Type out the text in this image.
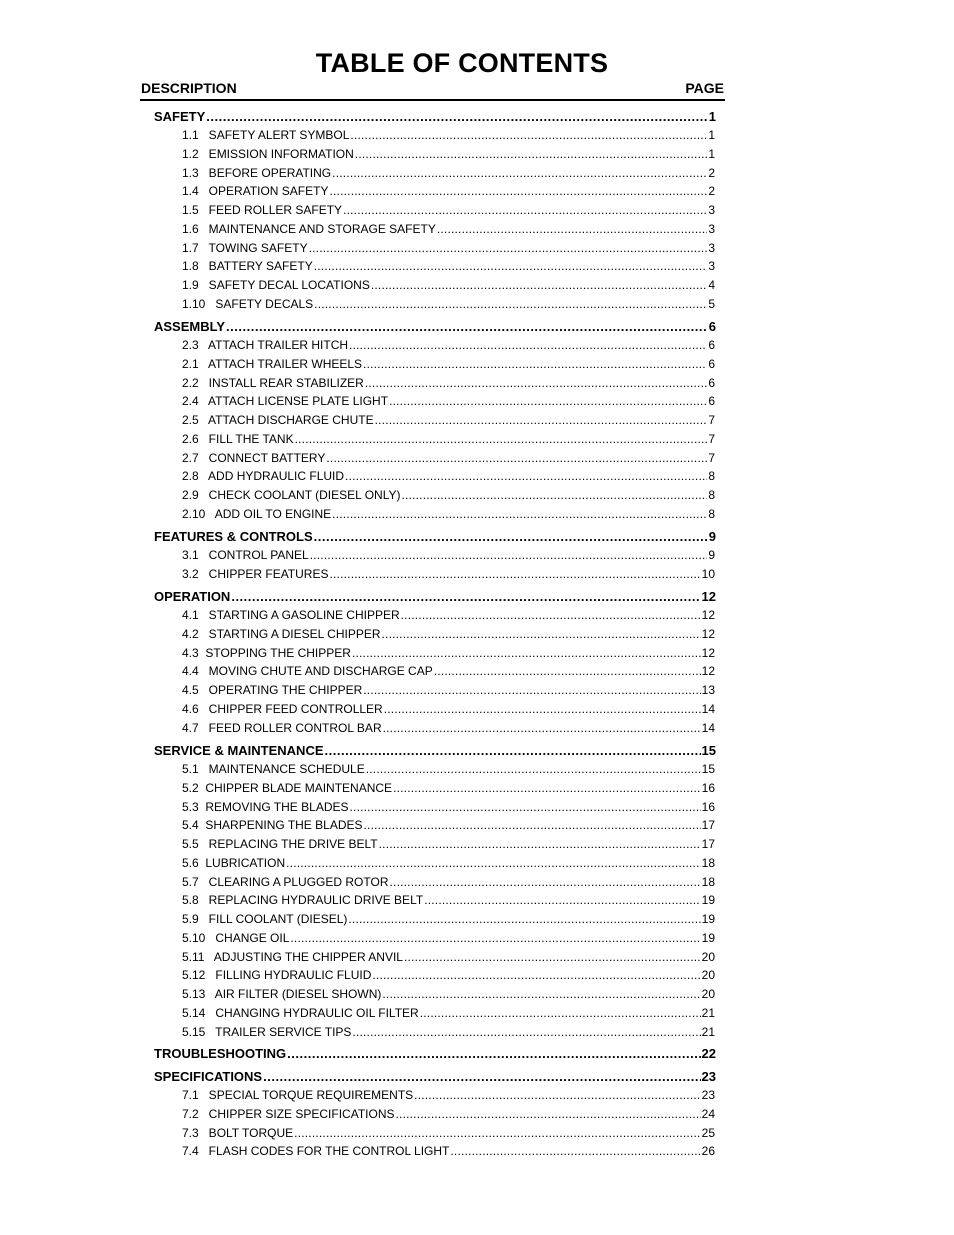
TABLE OF CONTENTS
DESCRIPTION	PAGE
SAFETY .....	1
1.1   SAFETY ALERT SYMBOL .....	1
1.2   EMISSION INFORMATION .....	1
1.3   BEFORE OPERATING .....	2
1.4   OPERATION SAFETY .....	2
1.5   FEED ROLLER SAFETY .....	3
1.6   MAINTENANCE AND STORAGE SAFETY .....	3
1.7   TOWING SAFETY .....	3
1.8   BATTERY SAFETY .....	3
1.9   SAFETY DECAL LOCATIONS .....	4
1.10   SAFETY DECALS .....	5
ASSEMBLY .....	6
2.3   ATTACH TRAILER HITCH .....	6
2.1   ATTACH TRAILER WHEELS .....	6
2.2   INSTALL REAR STABILIZER .....	6
2.4   ATTACH LICENSE PLATE LIGHT .....	6
2.5   ATTACH DISCHARGE CHUTE .....	7
2.6   FILL THE TANK .....	7
2.7   CONNECT BATTERY .....	7
2.8   ADD HYDRAULIC FLUID .....	8
2.9   CHECK COOLANT (DIESEL ONLY) .....	8
2.10   ADD OIL TO ENGINE .....	8
FEATURES & CONTROLS .....	9
3.1   CONTROL PANEL .....	9
3.2   CHIPPER FEATURES .....	10
OPERATION .....	12
4.1   STARTING A GASOLINE CHIPPER .....	12
4.2   STARTING A DIESEL CHIPPER .....	12
4.3  STOPPING THE CHIPPER .....	12
4.4   MOVING CHUTE AND DISCHARGE CAP .....	12
4.5   OPERATING THE CHIPPER .....	13
4.6   CHIPPER FEED CONTROLLER .....	14
4.7   FEED ROLLER CONTROL BAR .....	14
SERVICE & MAINTENANCE .....	15
5.1   MAINTENANCE SCHEDULE .....	15
5.2  CHIPPER BLADE MAINTENANCE .....	16
5.3  REMOVING THE BLADES .....	16
5.4  SHARPENING THE BLADES .....	17
5.5   REPLACING THE DRIVE BELT .....	17
5.6  LUBRICATION .....	18
5.7   CLEARING A PLUGGED ROTOR .....	18
5.8   REPLACING HYDRAULIC DRIVE BELT .....	19
5.9   FILL COOLANT (DIESEL) .....	19
5.10   CHANGE OIL .....	19
5.11   ADJUSTING THE CHIPPER ANVIL .....	20
5.12   FILLING HYDRAULIC FLUID .....	20
5.13   AIR FILTER (DIESEL SHOWN) .....	20
5.14   CHANGING HYDRAULIC OIL FILTER .....	21
5.15   TRAILER SERVICE TIPS .....	21
TROUBLESHOOTING .....	22
SPECIFICATIONS .....	23
7.1   SPECIAL TORQUE REQUIREMENTS .....	23
7.2   CHIPPER SIZE SPECIFICATIONS .....	24
7.3   BOLT TORQUE .....	25
7.4   FLASH CODES FOR THE CONTROL LIGHT .....	26
